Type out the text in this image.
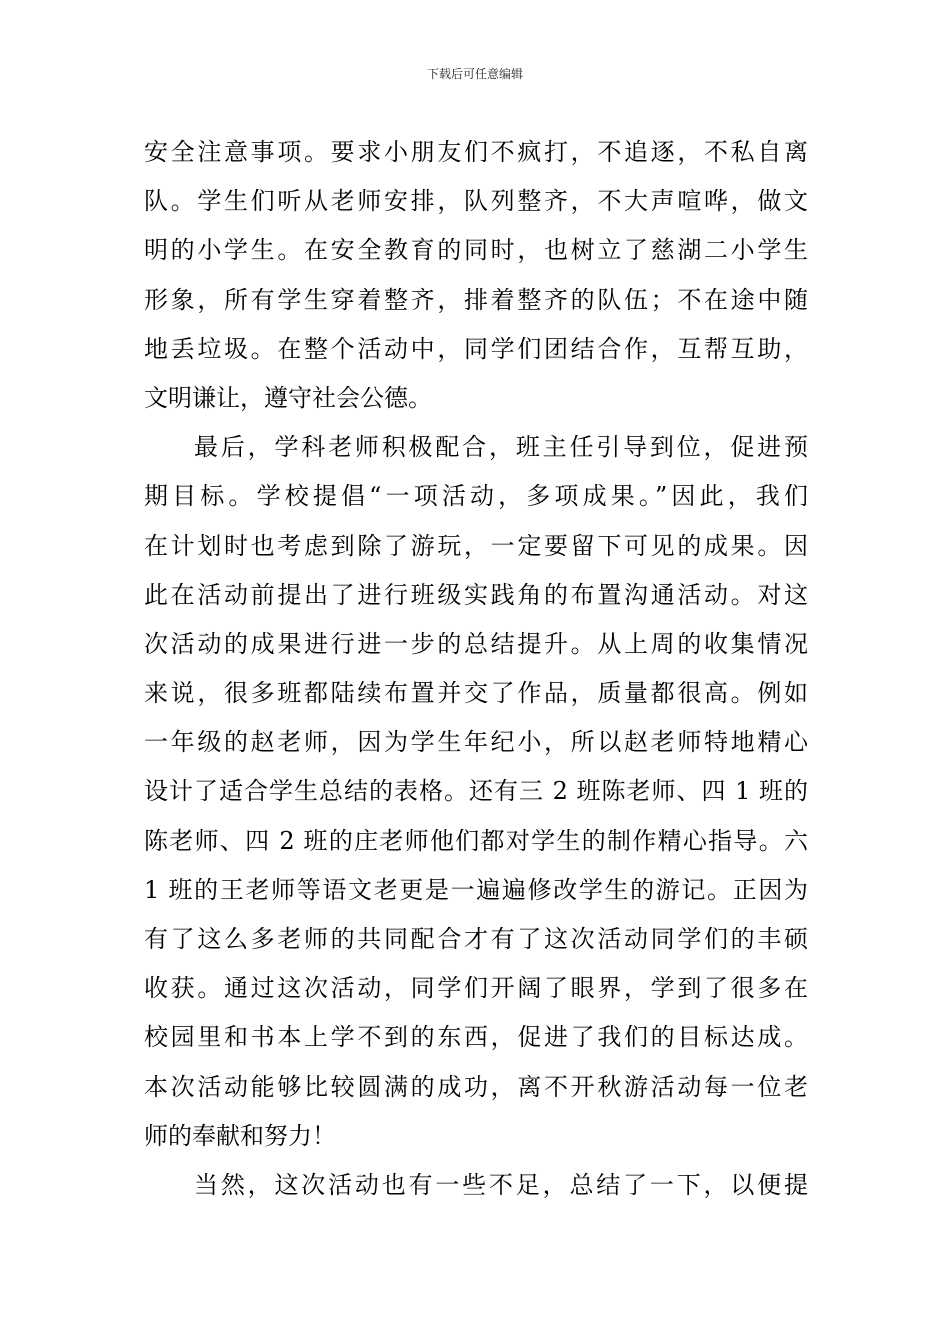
下载后可任意编辑
安全注意事项。要求小朋友们不疯打，不追逐，不私自离
队。学生们听从老师安排，队列整齐，不大声喧哗，做文
明的小学生。在安全教育的同时，也树立了慈湖二小学生
形象，所有学生穿着整齐，排着整齐的队伍；不在途中随
地丢垃圾。在整个活动中，同学们团结合作，互帮互助，
文明谦让，遵守社会公德。
最后，学科老师积极配合，班主任引导到位，促进预
期目标。学校提倡“一项活动，多项成果。”因此，我们
在计划时也考虑到除了游玩，一定要留下可见的成果。因
此在活动前提出了进行班级实践角的布置沟通活动。对这
次活动的成果进行进一步的总结提升。从上周的收集情况
来说，很多班都陆续布置并交了作品，质量都很高。例如
一年级的赵老师，因为学生年纪小，所以赵老师特地精心
设计了适合学生总结的表格。还有三 2 班陈老师、四 1 班的
陈老师、四 2 班的庄老师他们都对学生的制作精心指导。六
1 班的王老师等语文老更是一遍遍修改学生的游记。正因为
有了这么多老师的共同配合才有了这次活动同学们的丰硕
收获。通过这次活动，同学们开阔了眼界，学到了很多在
校园里和书本上学不到的东西，促进了我们的目标达成。
本次活动能够比较圆满的成功，离不开秋游活动每一位老
师的奉献和努力！
当然，这次活动也有一些不足，总结了一下，以便提
